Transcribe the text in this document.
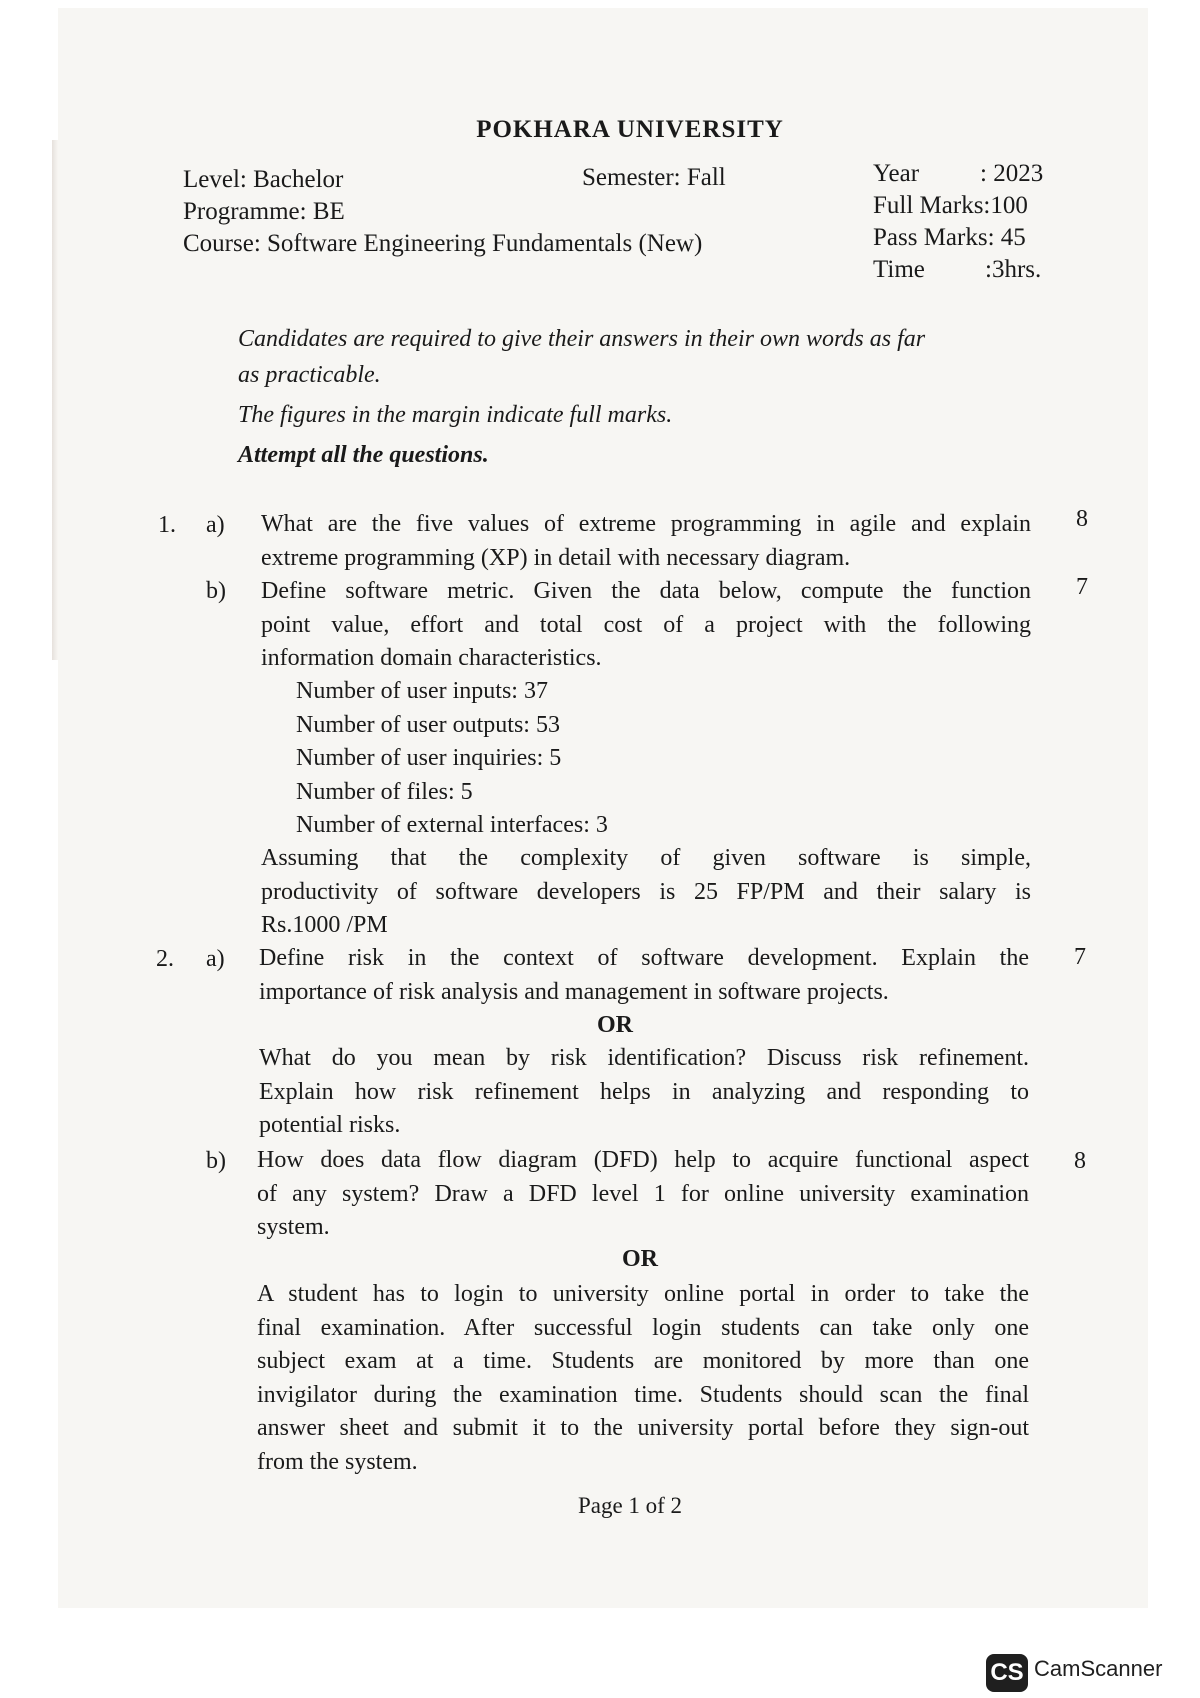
POKHARA UNIVERSITY
Level: Bachelor	Semester: Fall
Programme: BE
Course: Software Engineering Fundamentals (New)
Year : 2023
Full Marks:100
Pass Marks: 45
Time :3hrs.
Candidates are required to give their answers in their own words as far
as practicable.
The figures in the margin indicate full marks.
Attempt all the questions.
1. a)	8
What are the five values of extreme programming in agile and explain
extreme programming (XP) in detail with necessary diagram.
b)	7
Define software metric. Given the data below, compute the function
point value, effort and total cost of a project with the following
information domain characteristics.
Number of user inputs: 37
Number of user outputs: 53
Number of user inquiries: 5
Number of files: 5
Number of external interfaces: 3
Assuming that the complexity of given software is simple,
productivity of software developers is 25 FP/PM and their salary is
Rs.1000 /PM
2. a)	7
Define risk in the context of software development. Explain the
importance of risk analysis and management in software projects.
OR
What do you mean by risk identification? Discuss risk refinement.
Explain how risk refinement helps in analyzing and responding to
potential risks.
b)	8
How does data flow diagram (DFD) help to acquire functional aspect
of any system? Draw a DFD level 1 for online university examination
system.
OR
A student has to login to university online portal in order to take the
final examination. After successful login students can take only one
subject exam at a time. Students are monitored by more than one
invigilator during the examination time. Students should scan the final
answer sheet and submit it to the university portal before they sign-out
from the system.
Page 1 of 2
CS CamScanner
